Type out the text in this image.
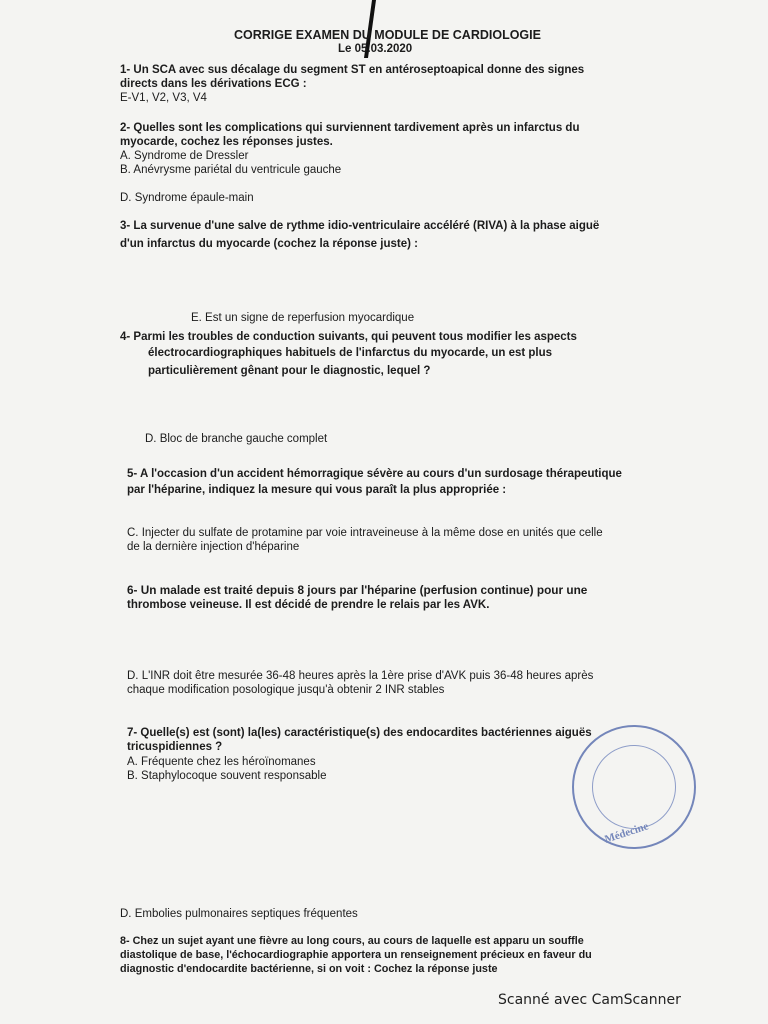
CORRIGE EXAMEN DU MODULE DE CARDIOLOGIE
Le 05.03.2020
1- Un SCA avec sus décalage du segment ST en antéroseptoapical donne des signes
directs dans les dérivations ECG :
E-V1, V2, V3, V4
2- Quelles sont les complications qui surviennent tardivement après un infarctus du
myocarde, cochez les réponses justes.
A. Syndrome de Dressler
B. Anévrysme pariétal du ventricule gauche
D. Syndrome épaule-main
3- La survenue d'une salve de rythme idio-ventriculaire accéléré (RIVA) à la phase aiguë
d'un infarctus du myocarde (cochez la réponse juste) :
E. Est un signe de reperfusion myocardique
4- Parmi les troubles de conduction suivants, qui peuvent tous modifier les aspects
électrocardiographiques habituels de l'infarctus du myocarde, un est plus
particulièrement gênant pour le diagnostic, lequel ?
D. Bloc de branche gauche complet
5- A l'occasion d'un accident hémorragique sévère au cours d'un surdosage thérapeutique
par l'héparine, indiquez la mesure qui vous paraît la plus appropriée :
C. Injecter du sulfate de protamine par voie intraveineuse à la même dose en unités que celle
de la dernière injection d'héparine
6- Un malade est traité depuis 8 jours par l'héparine (perfusion continue) pour une
thrombose veineuse. Il est décidé de prendre le relais par les AVK.
D. L'INR doit être mesurée 36-48 heures après la 1ère prise d'AVK puis 36-48 heures après
chaque modification posologique jusqu'à obtenir 2 INR stables
7- Quelle(s) est (sont) la(les) caractéristique(s) des endocardites bactériennes aiguës
tricuspidiennes ?
A. Fréquente chez les héroïnomanes
B. Staphylocoque souvent responsable
Médecine
D. Embolies pulmonaires septiques fréquentes
8- Chez un sujet ayant une fièvre au long cours, au cours de laquelle est apparu un souffle
diastolique de base, l'échocardiographie apportera un renseignement précieux en faveur du
diagnostic d'endocardite bactérienne, si on voit : Cochez la réponse juste
Scanné avec CamScanner
